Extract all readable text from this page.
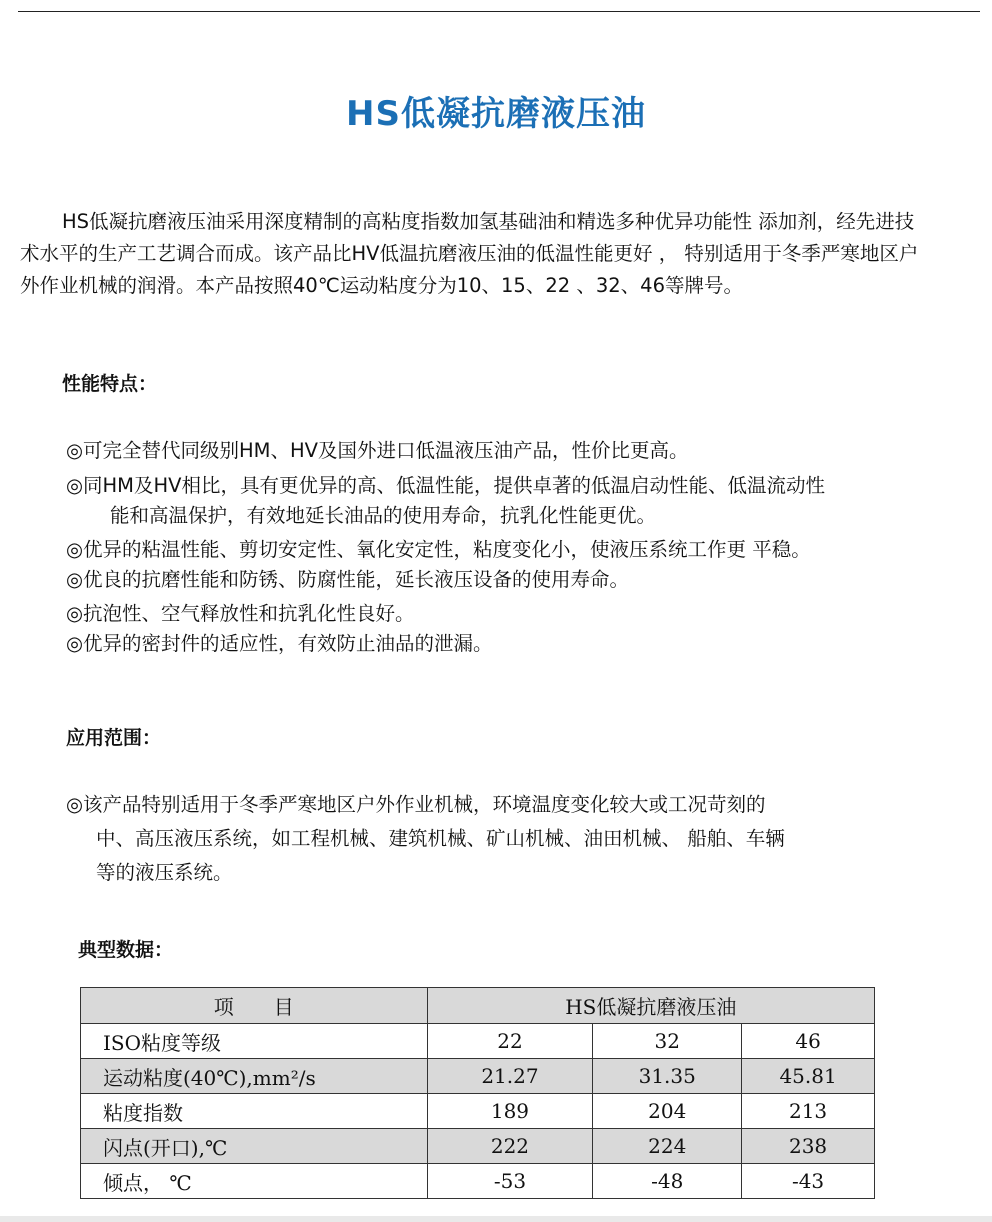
HS低凝抗磨液压油
HS低凝抗磨液压油采用深度精制的高粘度指数加氢基础油和精选多种优异功能性 添加剂，经先进技术水平的生产工艺调合而成。该产品比HV低温抗磨液压油的低温性能更好 ， 特别适用于冬季严寒地区户外作业机械的润滑。本产品按照40℃运动粘度分为10、15、22 、32、46等牌号。
性能特点：
◎可完全替代同级别HM、HV及国外进口低温液压油产品，性价比更高。
◎同HM及HV相比，具有更优异的高、低温性能，提供卓著的低温启动性能、低温流动性
能和高温保护，有效地延长油品的使用寿命，抗乳化性能更优。
◎优异的粘温性能、剪切安定性、氧化安定性，粘度变化小，使液压系统工作更 平稳。
◎优良的抗磨性能和防锈、防腐性能，延长液压设备的使用寿命。
◎抗泡性、空气释放性和抗乳化性良好。
◎优异的密封件的适应性，有效防止油品的泄漏。
应用范围：
◎该产品特别适用于冬季严寒地区户外作业机械，环境温度变化较大或工况苛刻的
中、高压液压系统，如工程机械、建筑机械、矿山机械、油田机械、 船舶、车辆
等的液压系统。
典型数据：
项　　目	HS低凝抗磨液压油		
ISO粘度等级	22	32	46
运动粘度(40℃),mm²/s	21.27	31.35	45.81
粘度指数	189	204	213
闪点(开口),℃	222	224	238
倾点， ℃	-53	-48	-43
